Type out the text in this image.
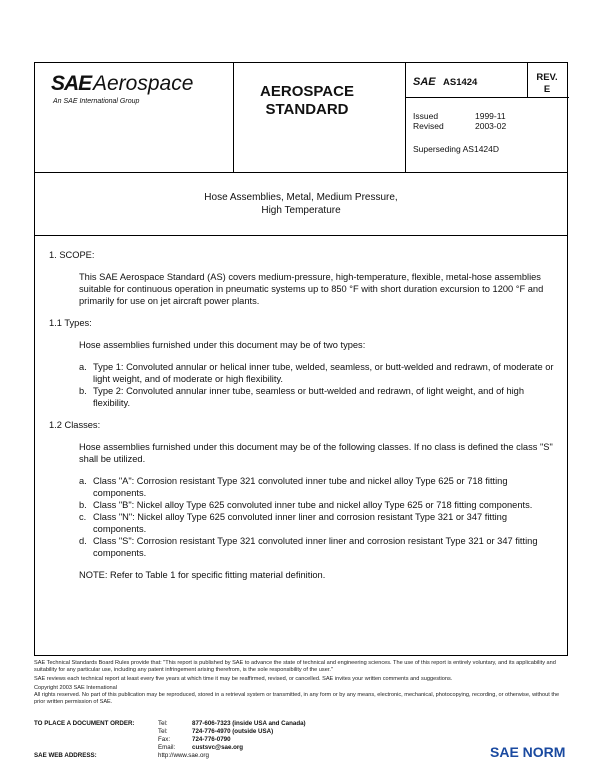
SAE Aerospace
An SAE International Group
AEROSPACE
STANDARD
SAE AS1424	REV.
E
Issued	1999-11
Revised	2003-02
Superseding AS1424D
Hose Assemblies, Metal, Medium Pressure,
High Temperature
1. SCOPE:
This SAE Aerospace Standard (AS) covers medium-pressure, high-temperature, flexible, metal-hose assemblies suitable for continuous operation in pneumatic systems up to 850 °F with short duration excursion to 1200 °F and primarily for use on jet aircraft power plants.
1.1 Types:
Hose assemblies furnished under this document may be of two types:
a. Type 1: Convoluted annular or helical inner tube, welded, seamless, or butt-welded and redrawn, of moderate or light weight, and of moderate or high flexibility.
b. Type 2: Convoluted annular inner tube, seamless or butt-welded and redrawn, of light weight, and of high flexibility.
1.2 Classes:
Hose assemblies furnished under this document may be of the following classes. If no class is defined the class "S" shall be utilized.
a. Class "A": Corrosion resistant Type 321 convoluted inner tube and nickel alloy Type 625 or 718 fitting components.
b. Class "B": Nickel alloy Type 625 convoluted inner tube and nickel alloy Type 625 or 718 fitting components.
c. Class "N": Nickel alloy Type 625 convoluted inner liner and corrosion resistant Type 321 or 347 fitting components.
d. Class "S": Corrosion resistant Type 321 convoluted inner liner and corrosion resistant Type 321 or 347 fitting components.
NOTE: Refer to Table 1 for specific fitting material definition.
SAE Technical Standards Board Rules provide that: "This report is published by SAE to advance the state of technical and engineering sciences. The use of this report is entirely voluntary, and its applicability and suitability for any particular use, including any patent infringement arising therefrom, is the sole responsibility of the user."
SAE reviews each technical report at least every five years at which time it may be reaffirmed, revised, or cancelled. SAE invites your written comments and suggestions.
Copyright 2003 SAE International
All rights reserved. No part of this publication may be reproduced, stored in a retrieval system or transmitted, in any form or by any means, electronic, mechanical, photocopying, recording, or otherwise, without the prior written permission of SAE.
TO PLACE A DOCUMENT ORDER:	Tel:	877-606-7323 (inside USA and Canada)
Tel:	724-776-4970 (outside USA)
Fax:	724-776-0790
Email:	custsvc@sae.org
SAE WEB ADDRESS:	http://www.sae.org	SAE NORM
